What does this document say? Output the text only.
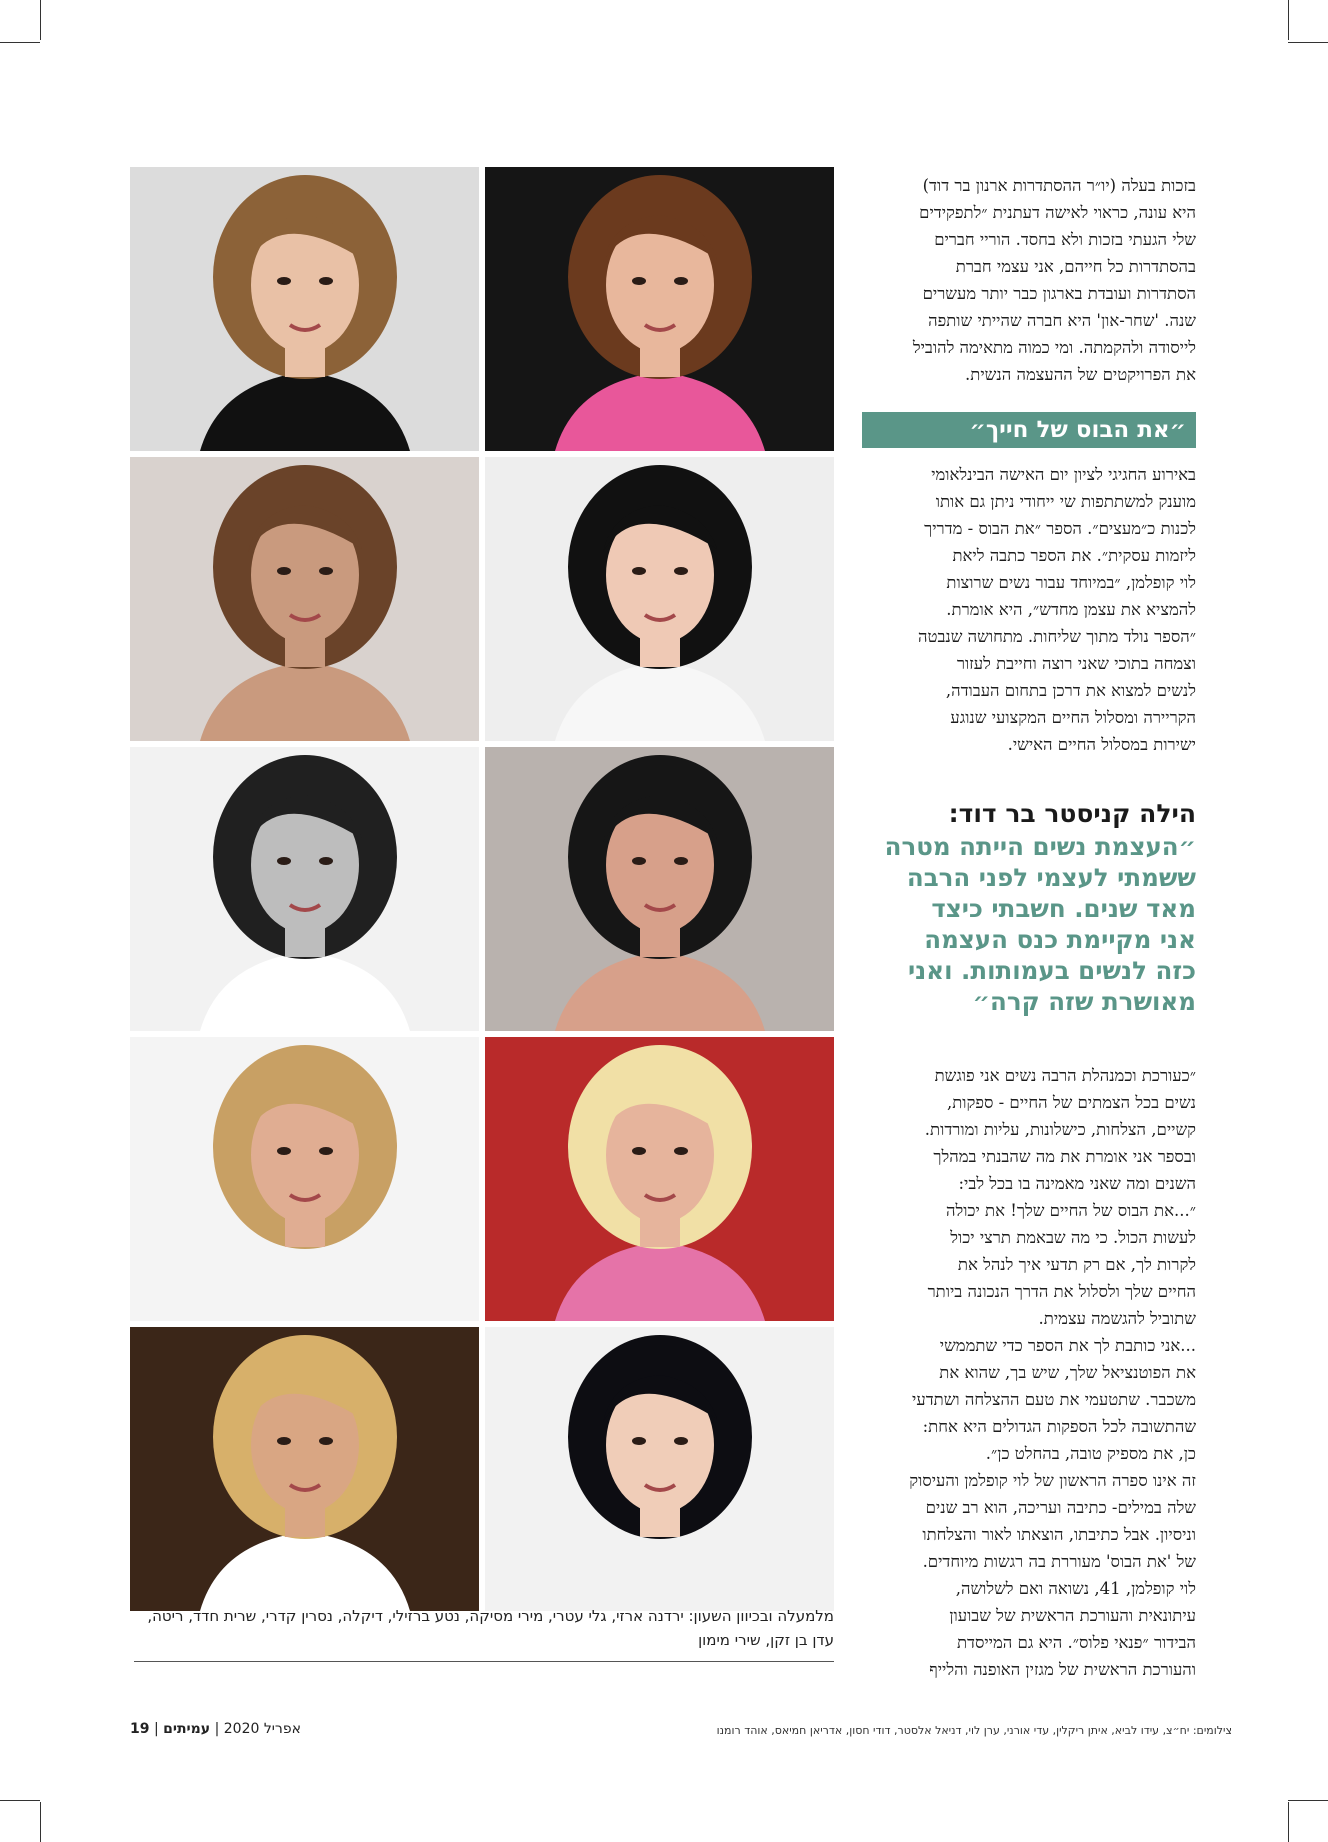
מלמעלה ובכיוון השעון: ירדנה ארזי, גלי עטרי, מירי מסיקה, נטע ברזילי, דיקלה, נסרין קדרי, שרית חדד, ריטה, עדן בן זקן, שירי מימון

בזכות בעלה (יו״ר ההסתדרות ארנון בר דוד)

היא עונה, כראוי לאישה דעתנית ״לתפקידים

שלי הגעתי בזכות ולא בחסד. הוריי חברים

בהסתדרות כל חייהם, אני עצמי חברת

הסתדרות ועובדת בארגון כבר יותר מעשרים

שנה. 'שחר-און' היא חברה שהייתי שותפה

לייסודה ולהקמתה. ומי כמוה מתאימה להוביל

את הפרויקטים של ההעצמה הנשית.

״את הבוס של חייך״

באירוע החגיגי לציון יום האישה הבינלאומי

מוענק למשתתפות שי ייחודי ניתן גם אותו

לכנות כ״מעצים״. הספר ״את הבוס - מדריך

ליזמות עסקית״. את הספר כתבה ליאת

לוי קופלמן, ״במיוחד עבור נשים שרוצות

להמציא את עצמן מחדש״, היא אומרת.

״הספר נולד מתוך שליחות. מתחושה שנבטה

וצמחה בתוכי שאני רוצה וחייבת לעזור

לנשים למצוא את דרכן בתחום העבודה,

הקריירה ומסלול החיים המקצועי שנוגע

ישירות במסלול החיים האישי.

הילה קניסטר בר דוד:

״העצמת נשים הייתה מטרה

ששמתי לעצמי לפני הרבה

מאד שנים. חשבתי כיצד

אני מקיימת כנס העצמה

כזה לנשים בעמותות. ואני

מאושרת שזה קרה״

״כעורכת וכמנהלת הרבה נשים אני פוגשת

נשים בכל הצמתים של החיים - ספקות,

קשיים, הצלחות, כישלונות, עליות ומורדות.

ובספר אני אומרת את מה שהבנתי במהלך

השנים ומה שאני מאמינה בו בכל לבי:

״...את הבוס של החיים שלך! את יכולה

לעשות הכול. כי מה שבאמת תרצי יכול

לקרות לך, אם רק תדעי איך לנהל את

החיים שלך ולסלול את הדרך הנכונה ביותר

שתוביל להגשמה עצמית.

...אני כותבת לך את הספר כדי שתממשי

את הפוטנציאל שלך, שיש בך, שהוא את

משכבר. שתטעמי את טעם ההצלחה ושתדעי

שהתשובה לכל הספקות הגדולים היא אחת:

כן, את מספיק טובה, בהחלט כן״.

זה אינו ספרה הראשון של לוי קופלמן והעיסוק

שלה במילים- כתיבה ועריכה, הוא רב שנים

וניסיון. אבל כתיבתו, הוצאתו לאור והצלחתו

של 'את הבוס' מעוררת בה רגשות מיוחדים.

לוי קופלמן, 41, נשואה ואם לשלושה,

עיתונאית והעורכת הראשית של שבועון

הבידור ״פנאי פלוס״. היא גם המייסדת

והעורכת הראשית של מגזין האופנה והלייף

צילומים: יח״צ, עידו לביא, איתן ריקלין, עדי אורני, ערן לוי, דניאל אלסטר, דודי חסון, אדריאן חמיאס, אוהד רומנו
19 |	אפריל 2020 | עמיתים
